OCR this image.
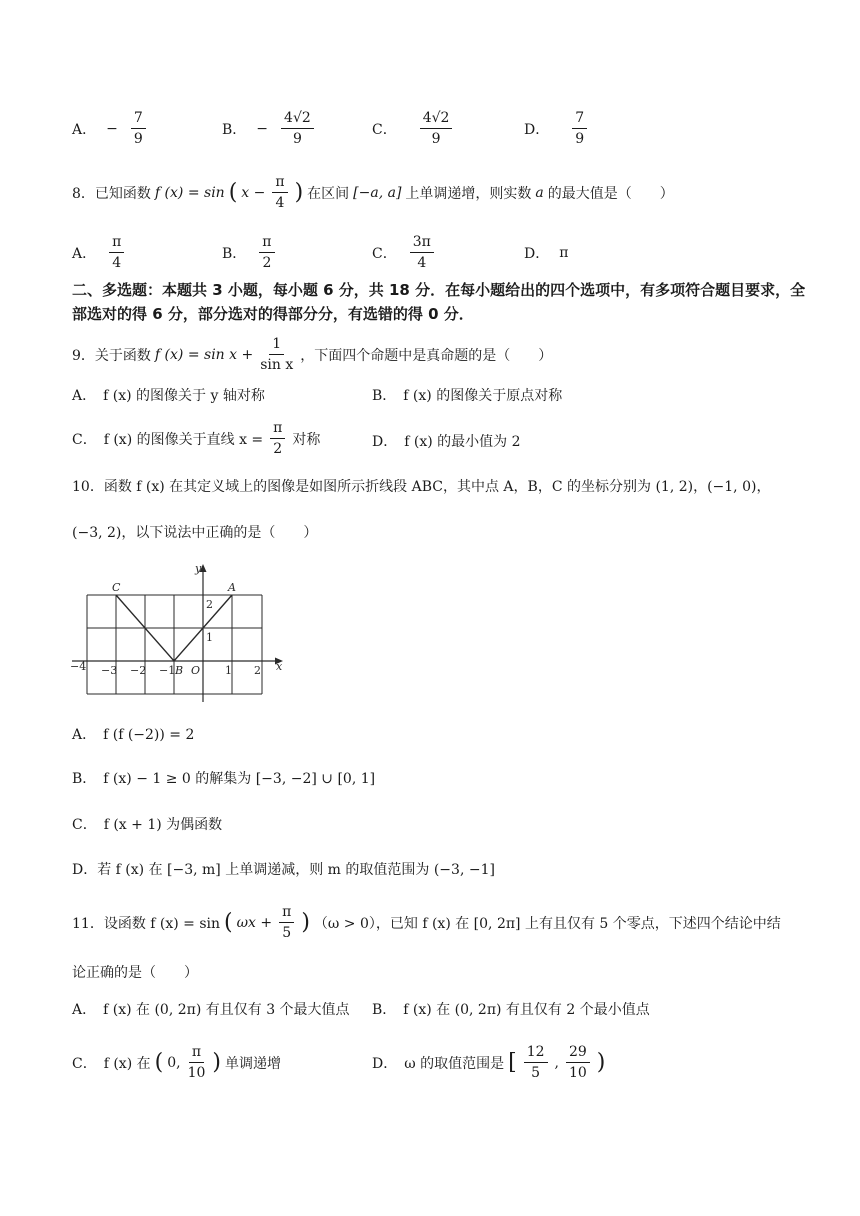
A． − $\frac{7}{9}$	B． − $\frac{4√2}{9}$	C． $\frac{4√2}{9}$	D． $\frac{7}{9}$
8．已知函数 f (x) = sin ( $x - \frac{\pi}{4}$ ) 在区间 [−a, a] 上单调递增，则实数 a 的最大值是（　　）
A． $\frac{\pi}{4}$	B． $\frac{\pi}{2}$	C． $\frac{3\pi}{4}$	D． π
二、多选题：本题共 3 小题，每小题 6 分，共 18 分．在每小题给出的四个选项中，有多项符合题目要求，全部选对的得 6 分，部分选对的得部分分，有选错的得 0 分．
9．关于函数 f $(x) = \sin x + \frac{1}{\text{sin x}}$ ，下面四个命题中是真命题的是（　　）
A．　f (x) 的图像关于 y 轴对称	B．　f (x) 的图像关于原点对称
C．　f (x) 的图像关于直线 $x = \frac{\pi}{2}$ 对称	D．　f (x) 的最小值为 2
10．函数 f (x) 在其定义域上的图像是如图所示折线段 ABC，其中点 A，B，C 的坐标分别为 (1, 2)，(−1, 0)，
(−3, 2)，以下说法中正确的是（　　）
−4 −3 −2 −1	1 2
1
2
O	x
y
A
B
C
A．　f (f (−2)) = 2
B．　f (x) − 1 ≥ 0 的解集为 [−3, −2] ∪ [0, 1]
C．　f (x + 1) 为偶函数
D．若 f (x) 在 [−3, m] 上单调递减，则 m 的取值范围为 (−3, −1]
11．设函数 f (x) = sin ( $\omega x + \frac{\pi}{5}$ ) （ω > 0），已知 f (x) 在 [0, 2π] 上有且仅有 5 个零点，下述四个结论中结
论正确的是（　　）
A．　f (x) 在 (0, 2π) 有且仅有 3 个最大值点 B．　f (x) 在 (0, 2π) 有且仅有 2 个最小值点
C．　f (x) 在 ( 0, $\frac{\pi}{10}$ ) 单调递增	D．　ω 的取值范围是 [ $\frac{12}{5}$ , $\frac{29}{10}$ )
